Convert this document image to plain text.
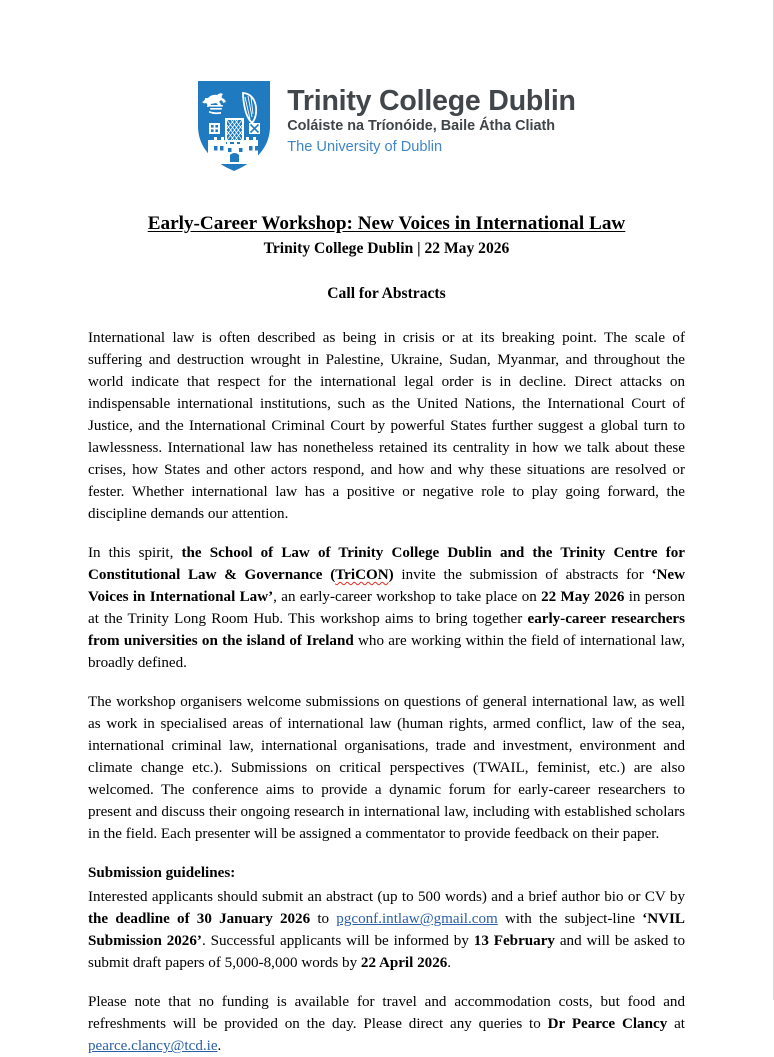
Trinity College Dublin
Coláiste na Tríonóide, Baile Átha Cliath
The University of Dublin
Early-Career Workshop: New Voices in International Law
Trinity College Dublin | 22 May 2026
Call for Abstracts

International law is often described as being in crisis or at its breaking point. The scale of suffering and destruction wrought in Palestine, Ukraine, Sudan, Myanmar, and throughout the world indicate that respect for the international legal order is in decline. Direct attacks on indispensable international institutions, such as the United Nations, the International Court of Justice, and the International Criminal Court by powerful States further suggest a global turn to lawlessness. International law has nonetheless retained its centrality in how we talk about these crises, how States and other actors respond, and how and why these situations are resolved or fester. Whether international law has a positive or negative role to play going forward, the discipline demands our attention.

In this spirit, the School of Law of Trinity College Dublin and the Trinity Centre for Constitutional Law & Governance (TriCON) invite the submission of abstracts for ‘New Voices in International Law’, an early-career workshop to take place on 22 May 2026 in person at the Trinity Long Room Hub. This workshop aims to bring together early-career researchers from universities on the island of Ireland who are working within the field of international law, broadly defined.

The workshop organisers welcome submissions on questions of general international law, as well as work in specialised areas of international law (human rights, armed conflict, law of the sea, international criminal law, international organisations, trade and investment, environment and climate change etc.). Submissions on critical perspectives (TWAIL, feminist, etc.) are also welcomed. The conference aims to provide a dynamic forum for early-career researchers to present and discuss their ongoing research in international law, including with established scholars in the field. Each presenter will be assigned a commentator to provide feedback on their paper.

Submission guidelines:

Interested applicants should submit an abstract (up to 500 words) and a brief author bio or CV by the deadline of 30 January 2026 to pgconf.intlaw@gmail.com with the subject-line ‘NVIL Submission 2026’. Successful applicants will be informed by 13 February and will be asked to submit draft papers of 5,000-8,000 words by 22 April 2026.

Please note that no funding is available for travel and accommodation costs, but food and refreshments will be provided on the day. Please direct any queries to Dr Pearce Clancy at pearce.clancy@tcd.ie.
